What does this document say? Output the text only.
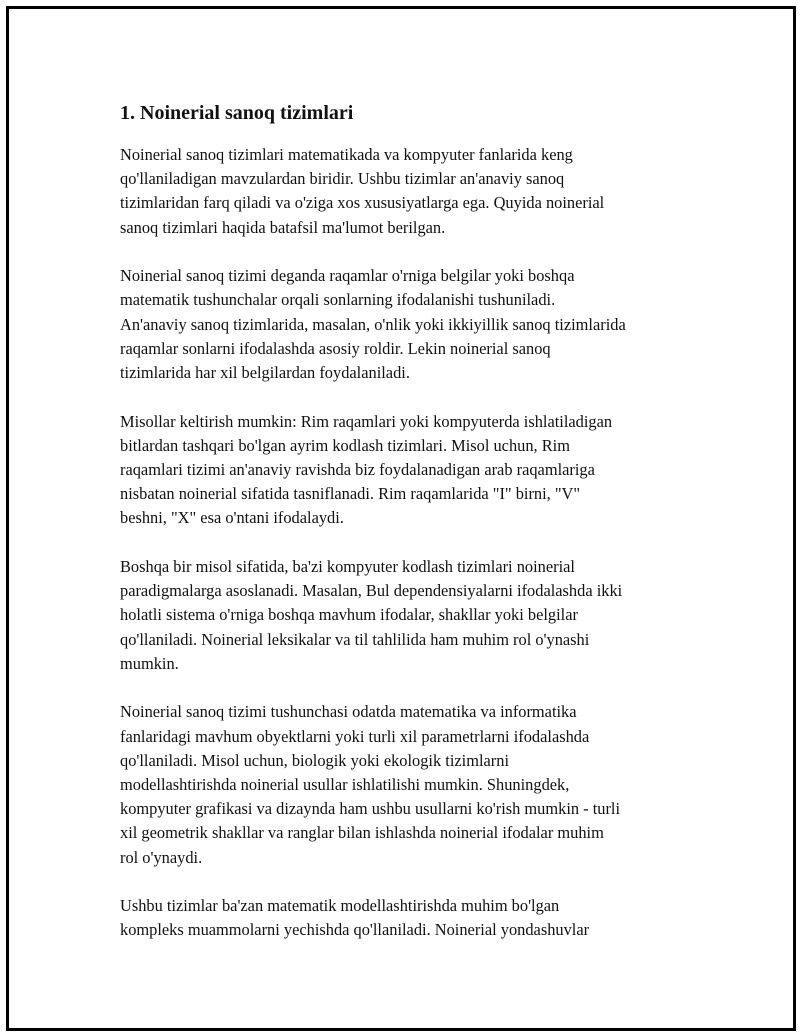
1. Noinerial sanoq tizimlari

Noinerial sanoq tizimlari matematikada va kompyuter fanlarida keng
qo'llaniladigan mavzulardan biridir. Ushbu tizimlar an'anaviy sanoq
tizimlaridan farq qiladi va o'ziga xos xususiyatlarga ega. Quyida noinerial
sanoq tizimlari haqida batafsil ma'lumot berilgan.

Noinerial sanoq tizimi deganda raqamlar o'rniga belgilar yoki boshqa
matematik tushunchalar orqali sonlarning ifodalanishi tushuniladi.
An'anaviy sanoq tizimlarida, masalan, o'nlik yoki ikkiyillik sanoq tizimlarida
raqamlar sonlarni ifodalashda asosiy roldir. Lekin noinerial sanoq
tizimlarida har xil belgilardan foydalaniladi.

Misollar keltirish mumkin: Rim raqamlari yoki kompyuterda ishlatiladigan
bitlardan tashqari bo'lgan ayrim kodlash tizimlari. Misol uchun, Rim
raqamlari tizimi an'anaviy ravishda biz foydalanadigan arab raqamlariga
nisbatan noinerial sifatida tasniflanadi. Rim raqamlarida "I" birni, "V"
beshni, "X" esa o'ntani ifodalaydi.

Boshqa bir misol sifatida, ba'zi kompyuter kodlash tizimlari noinerial
paradigmalarga asoslanadi. Masalan, Bul dependensiyalarni ifodalashda ikki
holatli sistema o'rniga boshqa mavhum ifodalar, shakllar yoki belgilar
qo'llaniladi. Noinerial leksikalar va til tahlilida ham muhim rol o'ynashi
mumkin.

Noinerial sanoq tizimi tushunchasi odatda matematika va informatika
fanlaridagi mavhum obyektlarni yoki turli xil parametrlarni ifodalashda
qo'llaniladi. Misol uchun, biologik yoki ekologik tizimlarni
modellashtirishda noinerial usullar ishlatilishi mumkin. Shuningdek,
kompyuter grafikasi va dizaynda ham ushbu usullarni ko'rish mumkin - turli
xil geometrik shakllar va ranglar bilan ishlashda noinerial ifodalar muhim
rol o'ynaydi.

Ushbu tizimlar ba'zan matematik modellashtirishda muhim bo'lgan
kompleks muammolarni yechishda qo'llaniladi. Noinerial yondashuvlar
